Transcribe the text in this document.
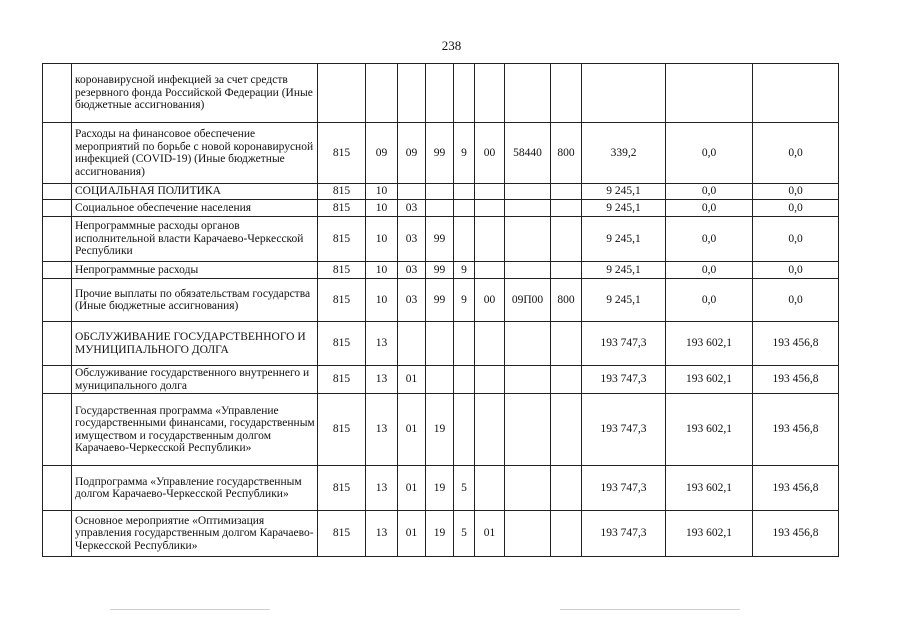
238
	коронавирусной инфекцией за счет средств резервного фонда Российской Федерации (Иные бюджетные ассигнования)											
	Расходы на финансовое обеспечение мероприятий по борьбе с новой коронавирусной инфекцией (COVID-19) (Иные бюджетные ассигнования)	815	09	09	99	9	00	58440	800	339,2	0,0	0,0
	СОЦИАЛЬНАЯ ПОЛИТИКА	815	10							9 245,1	0,0	0,0
	Социальное обеспечение населения	815	10	03						9 245,1	0,0	0,0
	Непрограммные расходы органов исполнительной власти Карачаево-Черкесской Республики	815	10	03	99					9 245,1	0,0	0,0
	Непрограммные расходы	815	10	03	99	9				9 245,1	0,0	0,0
	Прочие выплаты по обязательствам государства (Иные бюджетные ассигнования)	815	10	03	99	9	00	09П00	800	9 245,1	0,0	0,0
	ОБСЛУЖИВАНИЕ ГОСУДАРСТВЕННОГО И МУНИЦИПАЛЬНОГО ДОЛГА	815	13							193 747,3	193 602,1	193 456,8
	Обслуживание государственного внутреннего и муниципального долга	815	13	01						193 747,3	193 602,1	193 456,8
	Государственная программа «Управление государственными финансами, государственным имуществом и государственным долгом Карачаево-Черкесской Республики»	815	13	01	19					193 747,3	193 602,1	193 456,8
	Подпрограмма «Управление государственным долгом Карачаево-Черкесской Республики»	815	13	01	19	5				193 747,3	193 602,1	193 456,8
	Основное мероприятие «Оптимизация управления государственным долгом Карачаево-Черкесской Республики»	815	13	01	19	5	01			193 747,3	193 602,1	193 456,8
